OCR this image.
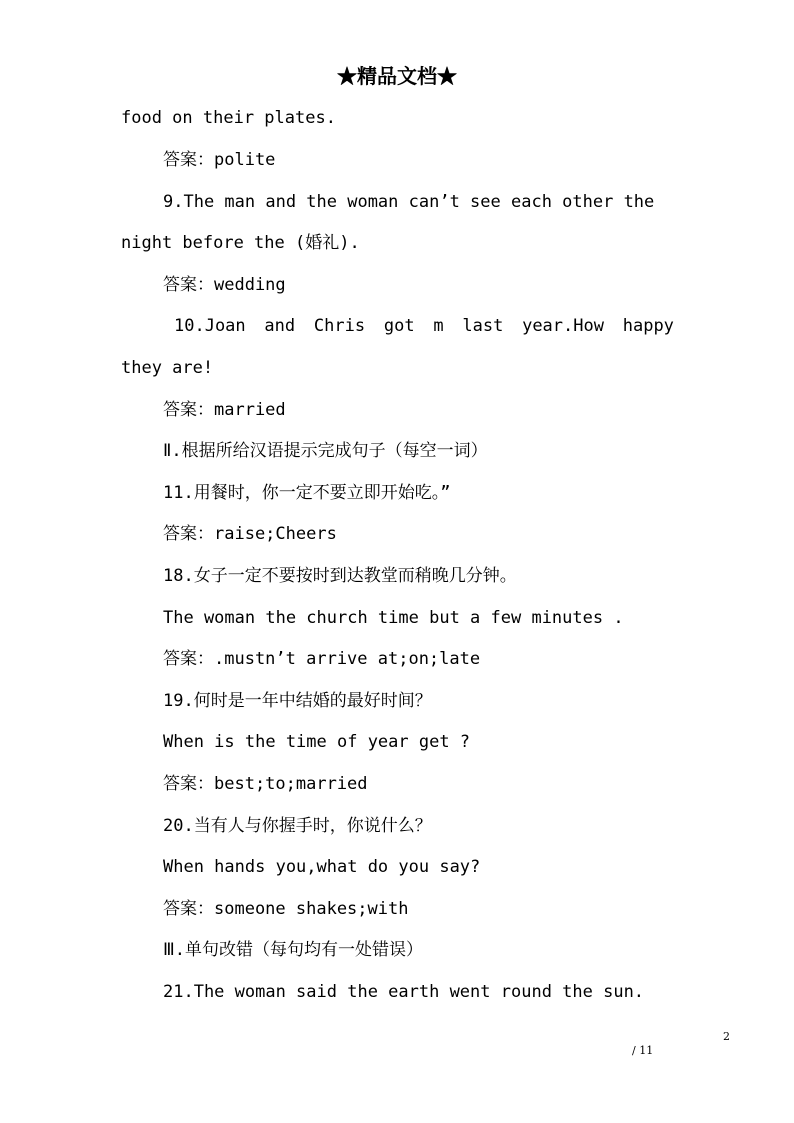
★精品文档★
food on their plates.
答案：polite
9.The man and the woman can’t see each other the
night before the (婚礼).
答案：wedding
10.Joan and Chris got m last year.How happy
they are!
答案：married
Ⅱ.根据所给汉语提示完成句子（每空一词）
11.用餐时，你一定不要立即开始吃。”
答案：raise;Cheers
18.女子一定不要按时到达教堂而稍晚几分钟。
The woman the church time but a few minutes .
答案：.mustn’t arrive at;on;late
19.何时是一年中结婚的最好时间？
When is the time of year get ?
答案：best;to;married
20.当有人与你握手时，你说什么？
When hands you,what do you say?
答案：someone shakes;with
Ⅲ.单句改错（每句均有一处错误）
21.The woman said the earth went round the sun.
2
/ 11
